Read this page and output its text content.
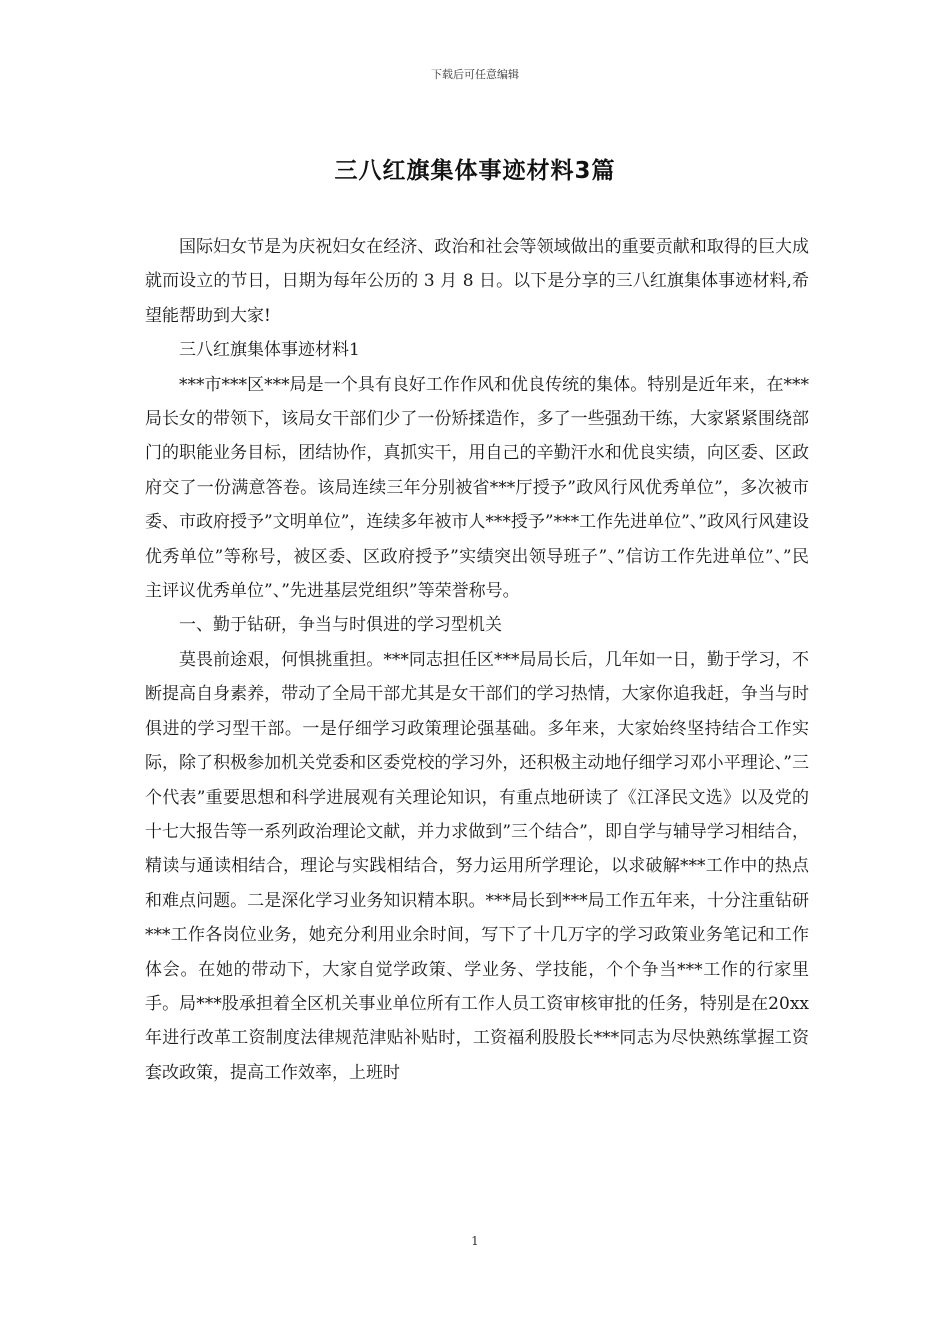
下载后可任意编辑
三八红旗集体事迹材料3篇

国际妇女节是为庆祝妇女在经济、政治和社会等领域做出的重要贡献和取得的巨大成就而设立的节日，日期为每年公历的 3 月 8 日。以下是分享的三八红旗集体事迹材料,希望能帮助到大家!

三八红旗集体事迹材料1

***市***区***局是一个具有良好工作作风和优良传统的集体。特别是近年来，在***局长女的带领下，该局女干部们少了一份矫揉造作，多了一些强劲干练，大家紧紧围绕部门的职能业务目标，团结协作，真抓实干，用自己的辛勤汗水和优良实绩，向区委、区政府交了一份满意答卷。该局连续三年分别被省***厅授予”政风行风优秀单位”，多次被市委、市政府授予”文明单位”，连续多年被市人***授予”***工作先进单位”、”政风行风建设优秀单位”等称号，被区委、区政府授予”实绩突出领导班子”、”信访工作先进单位”、”民主评议优秀单位”、”先进基层党组织”等荣誉称号。

一、勤于钻研，争当与时俱进的学习型机关

莫畏前途艰，何惧挑重担。***同志担任区***局局长后，几年如一日，勤于学习，不断提高自身素养，带动了全局干部尤其是女干部们的学习热情，大家你追我赶，争当与时俱进的学习型干部。一是仔细学习政策理论强基础。多年来，大家始终坚持结合工作实际，除了积极参加机关党委和区委党校的学习外，还积极主动地仔细学习邓小平理论、”三个代表”重要思想和科学进展观有关理论知识，有重点地研读了《江泽民文选》以及党的十七大报告等一系列政治理论文献，并力求做到”三个结合”，即自学与辅导学习相结合，精读与通读相结合，理论与实践相结合，努力运用所学理论，以求破解***工作中的热点和难点问题。二是深化学习业务知识精本职。***局长到***局工作五年来，十分注重钻研***工作各岗位业务，她充分利用业余时间，写下了十几万字的学习政策业务笔记和工作体会。在她的带动下，大家自觉学政策、学业务、学技能，个个争当***工作的行家里手。局***股承担着全区机关事业单位所有工作人员工资审核审批的任务，特别是在20xx年进行改革工资制度法律规范津贴补贴时，工资福利股股长***同志为尽快熟练掌握工资套改政策，提高工作效率，上班时

1
